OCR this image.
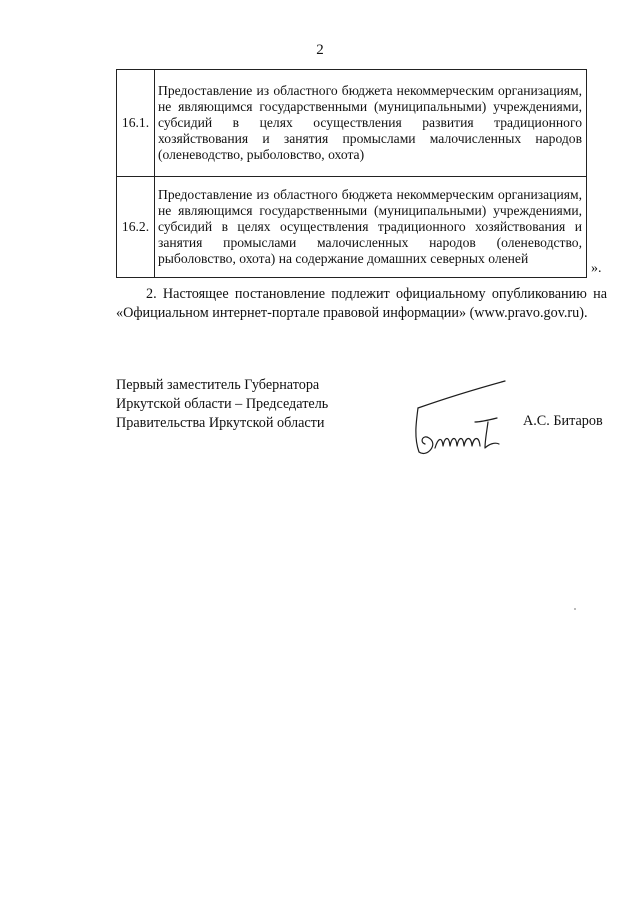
2
16.1.	Предоставление из областного бюджета некоммерческим организациям, не являющимся государственными (муниципальными) учреждениями, субсидий в целях осуществления развития традиционного хозяйствования и занятия промыслами малочисленных народов (оленеводство, рыболовство, охота)
16.2.	Предоставление из областного бюджета некоммерческим организациям, не являющимся государственными (муниципальными) учреждениями, субсидий в целях осуществления традиционного хозяйствования и занятия промыслами малочисленных народов (оленеводство, рыболовство, охота) на содержание домашних северных оленей
».
2. Настоящее постановление подлежит официальному опубликованию на «Официальном интернет-портале правовой информации» (www.pravo.gov.ru).
Первый заместитель Губернатора
Иркутской области – Председатель
Правительства Иркутской области	А.С. Битаров
